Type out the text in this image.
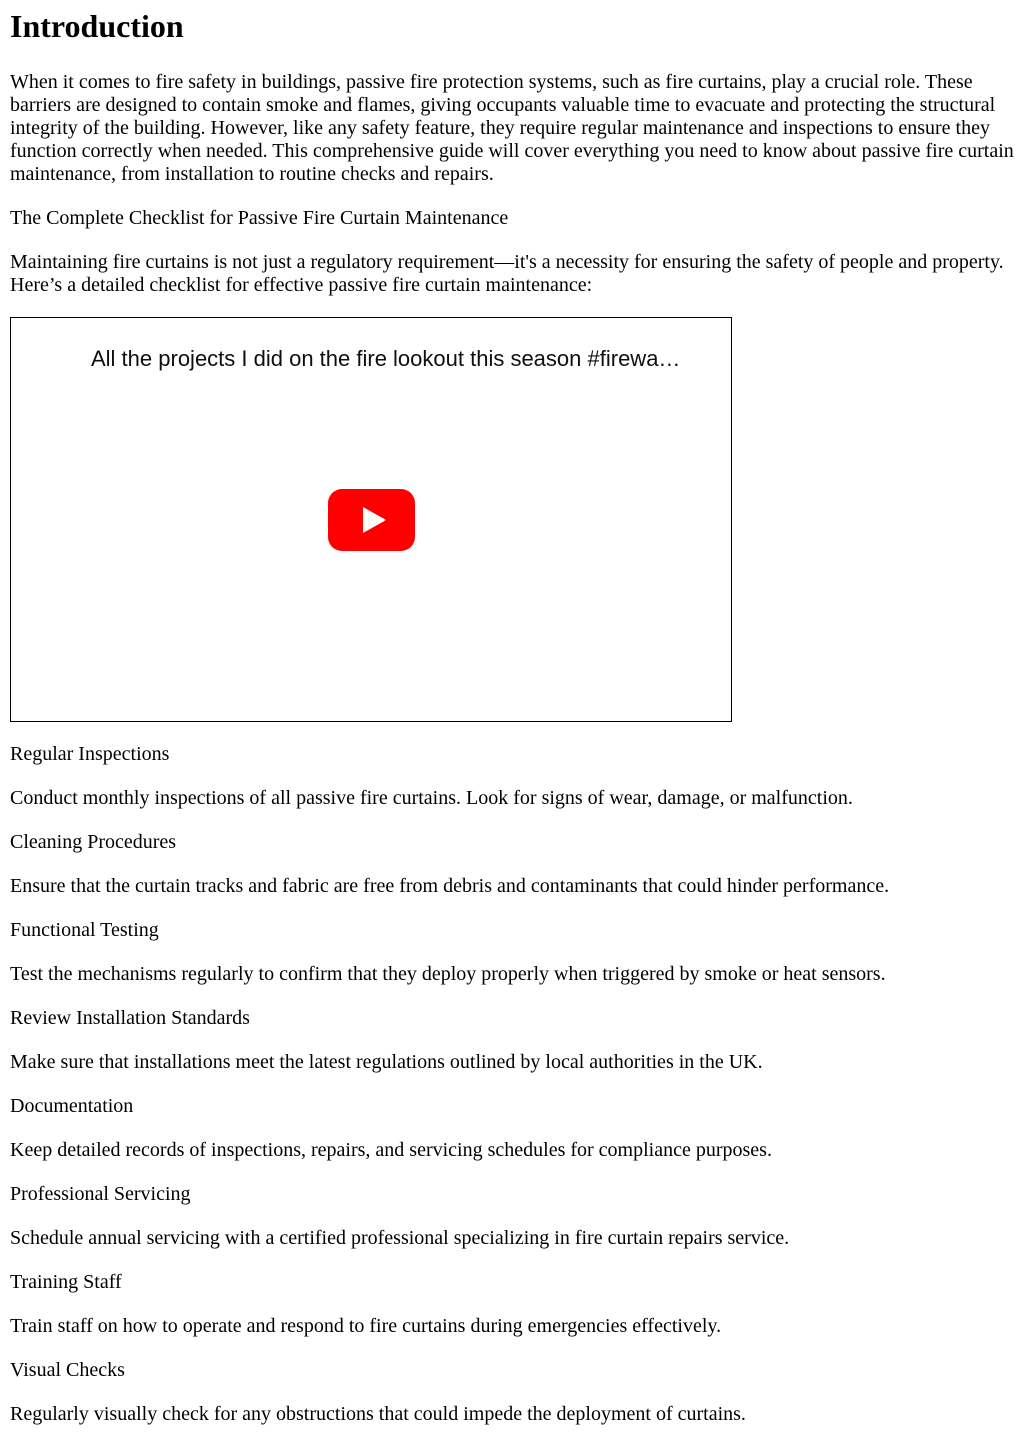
Introduction

When it comes to fire safety in buildings, passive fire protection systems, such as fire curtains, play a crucial role. These barriers are designed to contain smoke and flames, giving occupants valuable time to evacuate and protecting the structural integrity of the building. However, like any safety feature, they require regular maintenance and inspections to ensure they function correctly when needed. This comprehensive guide will cover everything you need to know about passive fire curtain maintenance, from installation to routine checks and repairs.

The Complete Checklist for Passive Fire Curtain Maintenance

Maintaining fire curtains is not just a regulatory requirement—it's a necessity for ensuring the safety of people and property. Here’s a detailed checklist for effective passive fire curtain maintenance:

All the projects I did on the fire lookout this season #firewa…

Regular Inspections

Conduct monthly inspections of all passive fire curtains. Look for signs of wear, damage, or malfunction.

Cleaning Procedures

Ensure that the curtain tracks and fabric are free from debris and contaminants that could hinder performance.

Functional Testing

Test the mechanisms regularly to confirm that they deploy properly when triggered by smoke or heat sensors.

Review Installation Standards

Make sure that installations meet the latest regulations outlined by local authorities in the UK.

Documentation

Keep detailed records of inspections, repairs, and servicing schedules for compliance purposes.

Professional Servicing

Schedule annual servicing with a certified professional specializing in fire curtain repairs service.

Training Staff

Train staff on how to operate and respond to fire curtains during emergencies effectively.

Visual Checks

Regularly visually check for any obstructions that could impede the deployment of curtains.
